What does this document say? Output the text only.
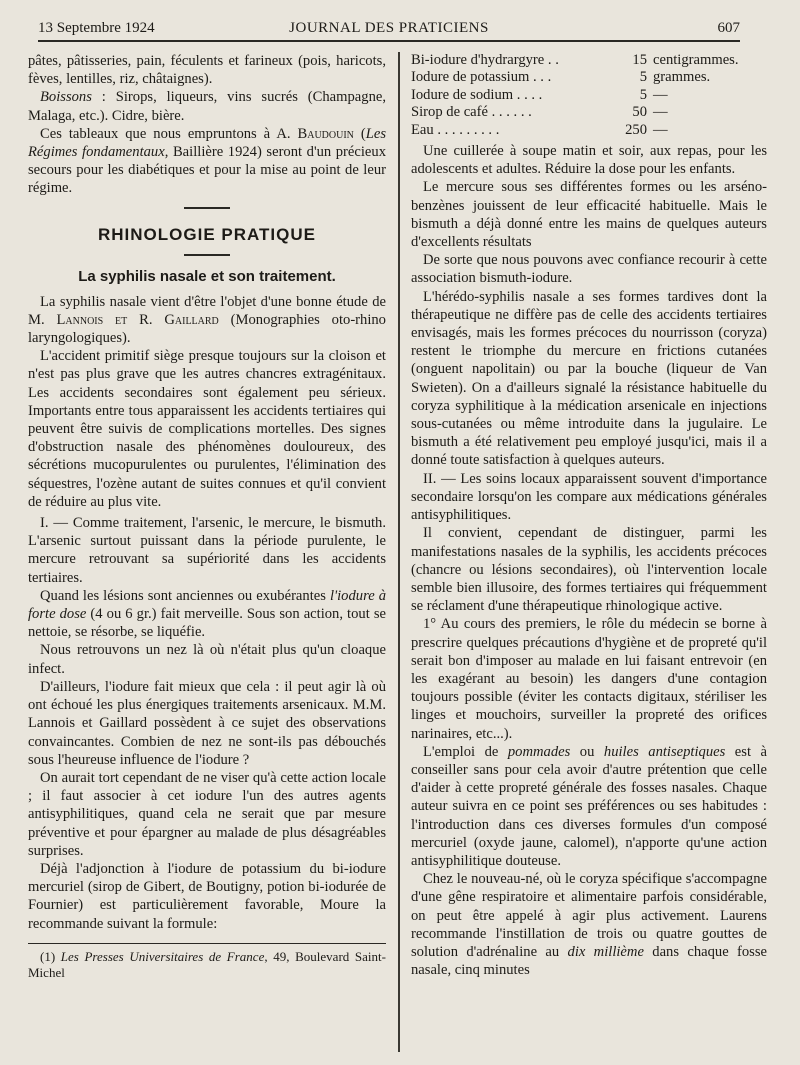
13 Septembre 1924	JOURNAL DES PRATICIENS	607

pâtes, pâtisseries, pain, féculents et farineux (pois, haricots, fèves, lentilles, riz, châtaignes).

Boissons : Sirops, liqueurs, vins sucrés (Champagne, Malaga, etc.). Cidre, bière.

Ces tableaux que nous empruntons à A. Baudouin (Les Régimes fondamentaux, Baillière 1924) seront d'un précieux secours pour les diabétiques et pour la mise au point de leur régime.

RHINOLOGIE PRATIQUE
La syphilis nasale et son traitement.

La syphilis nasale vient d'être l'objet d'une bonne étude de M. Lannois et R. Gaillard (Monographies oto-rhino laryngologiques).

L'accident primitif siège presque toujours sur la cloison et n'est pas plus grave que les autres chancres extragénitaux. Les accidents secondaires sont également peu sérieux. Importants entre tous apparaissent les accidents tertiaires qui peuvent être suivis de complications mortelles. Des signes d'obstruction nasale des phénomènes douloureux, des sécrétions mucopurulentes ou purulentes, l'élimination des séquestres, l'ozène autant de suites connues et qu'il convient de réduire au plus vite.

I. — Comme traitement, l'arsenic, le mercure, le bismuth. L'arsenic surtout puissant dans la période purulente, le mercure retrouvant sa supériorité dans les accidents tertiaires.

Quand les lésions sont anciennes ou exubérantes l'iodure à forte dose (4 ou 6 gr.) fait merveille. Sous son action, tout se nettoie, se résorbe, se liquéfie.

Nous retrouvons un nez là où n'était plus qu'un cloaque infect.

D'ailleurs, l'iodure fait mieux que cela : il peut agir là où ont échoué les plus énergiques traitements arsenicaux. M.M. Lannois et Gaillard possèdent à ce sujet des observations convaincantes. Combien de nez ne sont-ils pas débouchés sous l'heureuse influence de l'iodure ?

On aurait tort cependant de ne viser qu'à cette action locale ; il faut associer à cet iodure l'un des autres agents antisyphilitiques, quand cela ne serait que par mesure préventive et pour épargner au malade de plus désagréables surprises.

Déjà l'adjonction à l'iodure de potassium du bi-iodure mercuriel (sirop de Gibert, de Boutigny, potion bi-iodurée de Fournier) est particulièrement favorable, Moure la recommande suivant la formule:

(1) Les Presses Universitaires de France, 49, Boulevard Saint-Michel

Bi-iodure d'hydrargyre . .	15	centigrammes.
Iodure de potassium . . .	5	grammes.
Iodure de sodium . . . .	5	—
Sirop de café . . . . . .	50	—
Eau . . . . . . . . .	250	—

Une cuillerée à soupe matin et soir, aux repas, pour les adolescents et adultes. Réduire la dose pour les enfants.

Le mercure sous ses différentes formes ou les arséno-benzènes jouissent de leur efficacité habituelle. Mais le bismuth a déjà donné entre les mains de quelques auteurs d'excellents résultats

De sorte que nous pouvons avec confiance recourir à cette association bismuth-iodure.

L'hérédo-syphilis nasale a ses formes tardives dont la thérapeutique ne diffère pas de celle des accidents tertiaires envisagés, mais les formes précoces du nourrisson (coryza) restent le triomphe du mercure en frictions cutanées (onguent napolitain) ou par la bouche (liqueur de Van Swieten). On a d'ailleurs signalé la résistance habituelle du coryza syphilitique à la médication arsenicale en injections sous-cutanées ou même introduite dans la jugulaire. Le bismuth a été relativement peu employé jusqu'ici, mais il a donné toute satisfaction à quelques auteurs.

II. — Les soins locaux apparaissent souvent d'importance secondaire lorsqu'on les compare aux médications générales antisyphilitiques.

Il convient, cependant de distinguer, parmi les manifestations nasales de la syphilis, les accidents précoces (chancre ou lésions secondaires), où l'intervention locale semble bien illusoire, des formes tertiaires qui fréquemment se réclament d'une thérapeutique rhinologique active.

1° Au cours des premiers, le rôle du médecin se borne à prescrire quelques précautions d'hygiène et de propreté qu'il serait bon d'imposer au malade en lui faisant entrevoir (en les exagérant au besoin) les dangers d'une contagion toujours possible (éviter les contacts digitaux, stériliser les linges et mouchoirs, surveiller la propreté des orifices narinaires, etc...).

L'emploi de pommades ou huiles antiseptiques est à conseiller sans pour cela avoir d'autre prétention que celle d'aider à cette propreté générale des fosses nasales. Chaque auteur suivra en ce point ses préférences ou ses habitudes : l'introduction dans ces diverses formules d'un composé mercuriel (oxyde jaune, calomel), n'apporte qu'une action antisyphilitique douteuse.

Chez le nouveau-né, où le coryza spécifique s'accompagne d'une gêne respiratoire et alimentaire parfois considérable, on peut être appelé à agir plus activement. Laurens recommande l'instillation de trois ou quatre gouttes de solution d'adrénaline au dix millième dans chaque fosse nasale, cinq minutes
